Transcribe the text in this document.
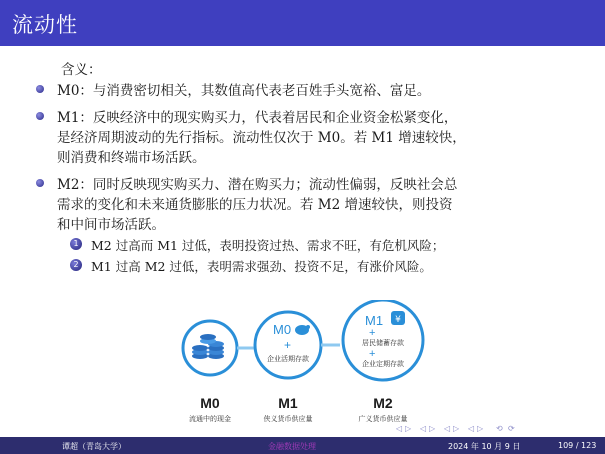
流动性
含义：
M0：与消费密切相关，其数值高代表老百姓手头宽裕、富足。
M1：反映经济中的现实购买力，代表着居民和企业资金松紧变化，
是经济周期波动的先行指标。流动性仅次于 M0。若 M1 增速较快，
则消费和终端市场活跃。
M2：同时反映现实购买力、潜在购买力；流动性偏弱，反映社会总
需求的变化和未来通货膨胀的压力状况。若 M2 增速较快，则投资
和中间市场活跃。
1 M2 过高而 M1 过低，表明投资过热、需求不旺，有危机风险；
2 M1 过高 M2 过低，表明需求强劲、投资不足，有涨价风险。
M0
+
企业活期存款
M1 ¥
+
居民储蓄存款
+
企业定期存款
M0
流通中的现金
M1
侠义货币供应量
M2
广义货币供应量
◁ ▷ ◁ ▷ ◁ ▷ ◁ ▷ ⟲ ⟳
谭超（青岛大学）	金融数据处理	2024 年 10 月 9 日	109 / 123
